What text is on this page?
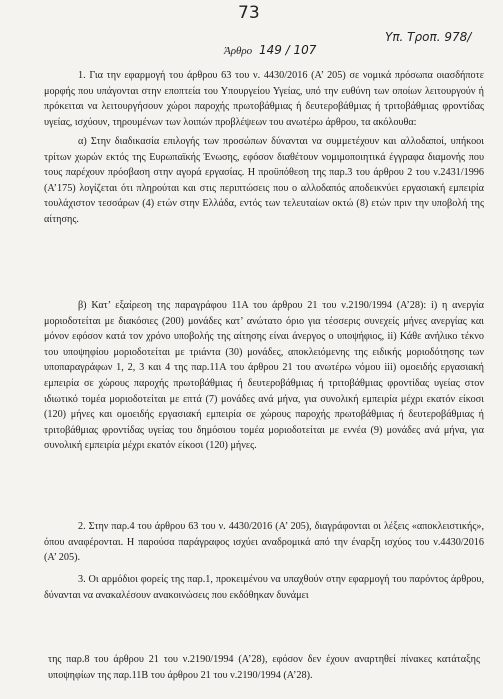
73
Υπ. Τροπ. 978/
Άρθρο 149 / 107

1. Για την εφαρμογή του άρθρου 63 του ν. 4430/2016 (Α’ 205) σε νομικά πρόσωπα οιασδήποτε μορφής που υπάγονται στην εποπτεία του Υπουργείου Υγείας, υπό την ευθύνη των οποίων λειτουργούν ή πρόκειται να λειτουργήσουν χώροι παροχής πρωτοβάθμιας ή δευτεροβάθμιας ή τριτοβάθμιας φροντίδας υγείας, ισχύουν, τηρουμένων των λοιπών προβλέψεων του ανωτέρω άρθρου, τα ακόλουθα:

α) Στην διαδικασία επιλογής των προσώπων δύνανται να συμμετέχουν και αλλοδαποί, υπήκοοι τρίτων χωρών εκτός της Ευρωπαϊκής Ένωσης, εφόσον διαθέτουν νομιμοποιητικά έγγραφα διαμονής που τους παρέχουν πρόσβαση στην αγορά εργασίας. Η προϋπόθεση της παρ.3 του άρθρου 2 του ν.2431/1996 (Α’175) λογίζεται ότι πληρούται και στις περιπτώσεις που ο αλλοδαπός αποδεικνύει εργασιακή εμπειρία τουλάχιστον τεσσάρων (4) ετών στην Ελλάδα, εντός των τελευταίων οκτώ (8) ετών πριν την υποβολή της αίτησης.

β) Κατ’ εξαίρεση της παραγράφου 11Α του άρθρου 21 του ν.2190/1994 (Α’28): i) η ανεργία μοριοδοτείται με διακόσιες (200) μονάδες κατ’ ανώτατο όριο για τέσσερις συνεχείς μήνες ανεργίας και μόνον εφόσον κατά τον χρόνο υποβολής της αίτησης είναι άνεργος ο υποψήφιος, ii) Κάθε ανήλικο τέκνο του υποψηφίου μοριοδοτείται με τριάντα (30) μονάδες, αποκλειόμενης της ειδικής μοριοδότησης των υποπαραγράφων 1, 2, 3 και 4 της παρ.11Α του άρθρου 21 του ανωτέρω νόμου iii) ομοειδής εργασιακή εμπειρία σε χώρους παροχής πρωτοβάθμιας ή δευτεροβάθμιας ή τριτοβάθμιας φροντίδας υγείας στον ιδιωτικό τομέα μοριοδοτείται με επτά (7) μονάδες ανά μήνα, για συνολική εμπειρία μέχρι εκατόν είκοσι (120) μήνες και ομοειδής εργασιακή εμπειρία σε χώρους παροχής πρωτοβάθμιας ή δευτεροβάθμιας ή τριτοβάθμιας φροντίδας υγείας του δημόσιου τομέα μοριοδοτείται με εννέα (9) μονάδες ανά μήνα, για συνολική εμπειρία μέχρι εκατόν είκοσι (120) μήνες.

2. Στην παρ.4 του άρθρου 63 του ν. 4430/2016 (Α’ 205), διαγράφονται οι λέξεις «αποκλειστικής», όπου αναφέρονται. Η παρούσα παράγραφος ισχύει αναδρομικά από την έναρξη ισχύος του ν.4430/2016 (Α’ 205).

3. Οι αρμόδιοι φορείς της παρ.1, προκειμένου να υπαχθούν στην εφαρμογή του παρόντος άρθρου, δύνανται να ανακαλέσουν ανακοινώσεις που εκδόθηκαν δυνάμει

της παρ.8 του άρθρου 21 του ν.2190/1994 (Α’28), εφόσον δεν έχουν αναρτηθεί πίνακες κατάταξης υποψηφίων της παρ.11Β του άρθρου 21 του ν.2190/1994 (Α’28).
